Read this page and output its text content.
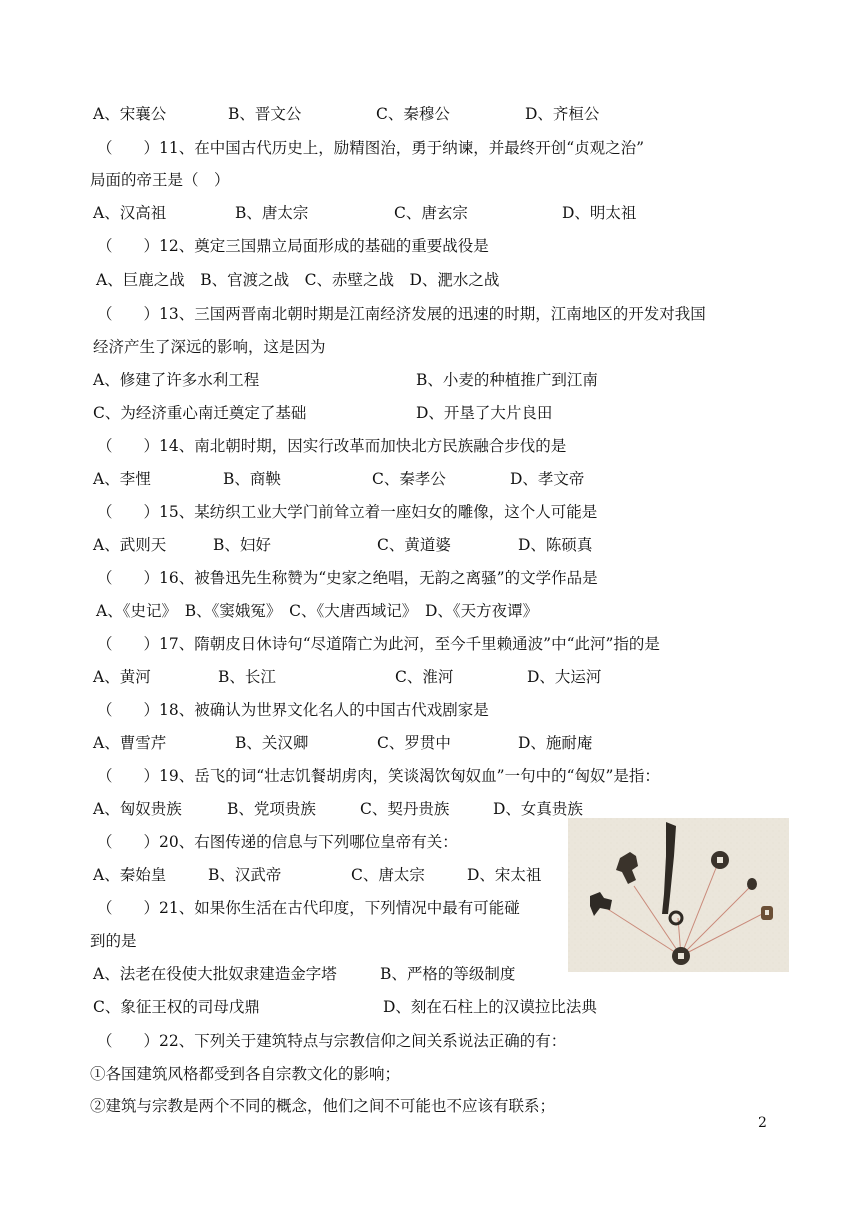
A、宋襄公	B、晋文公	C、秦穆公	D、齐桓公
（　　）11、在中国古代历史上，励精图治，勇于纳谏，并最终开创“贞观之治”
局面的帝王是（　）
A、汉高祖	B、唐太宗	C、唐玄宗	D、明太祖
（　　）12、奠定三国鼎立局面形成的基础的重要战役是
A、巨鹿之战　B、官渡之战　C、赤壁之战　D、淝水之战
（　　）13、三国两晋南北朝时期是江南经济发展的迅速的时期，江南地区的开发对我国
经济产生了深远的影响，这是因为
A、修建了许多水利工程	B、小麦的种植推广到江南
C、为经济重心南迁奠定了基础	D、开垦了大片良田
（　　）14、南北朝时期，因实行改革而加快北方民族融合步伐的是
A、李悝	B、商鞅	C、秦孝公	D、孝文帝
（　　）15、某纺织工业大学门前耸立着一座妇女的雕像，这个人可能是
A、武则天	B、妇好	C、黄道婆	D、陈硕真
（　　）16、被鲁迅先生称赞为“史家之绝唱，无韵之离骚”的文学作品是
A、《史记》　B、《窦娥冤》　C、《大唐西域记》　D、《天方夜谭》
（　　）17、隋朝皮日休诗句“尽道隋亡为此河，至今千里赖通波”中“此河”指的是
A、黄河	B、长江	C、淮河	D、大运河
（　　）18、被确认为世界文化名人的中国古代戏剧家是
A、曹雪芹	B、关汉卿	C、罗贯中	D、施耐庵
（　　）19、岳飞的词“壮志饥餐胡虏肉，笑谈渴饮匈奴血”一句中的“匈奴”是指：
A、匈奴贵族	B、党项贵族	C、契丹贵族	D、女真贵族
（　　）20、右图传递的信息与下列哪位皇帝有关：
A、秦始皇	B、汉武帝	C、唐太宗	D、宋太祖
（　　）21、如果你生活在古代印度，下列情况中最有可能碰
到的是
A、法老在役使大批奴隶建造金字塔	B、严格的等级制度
C、象征王权的司母戊鼎	D、刻在石柱上的汉谟拉比法典
（　　）22、下列关于建筑特点与宗教信仰之间关系说法正确的有：
①各国建筑风格都受到各自宗教文化的影响；
②建筑与宗教是两个不同的概念，他们之间不可能也不应该有联系；
2
